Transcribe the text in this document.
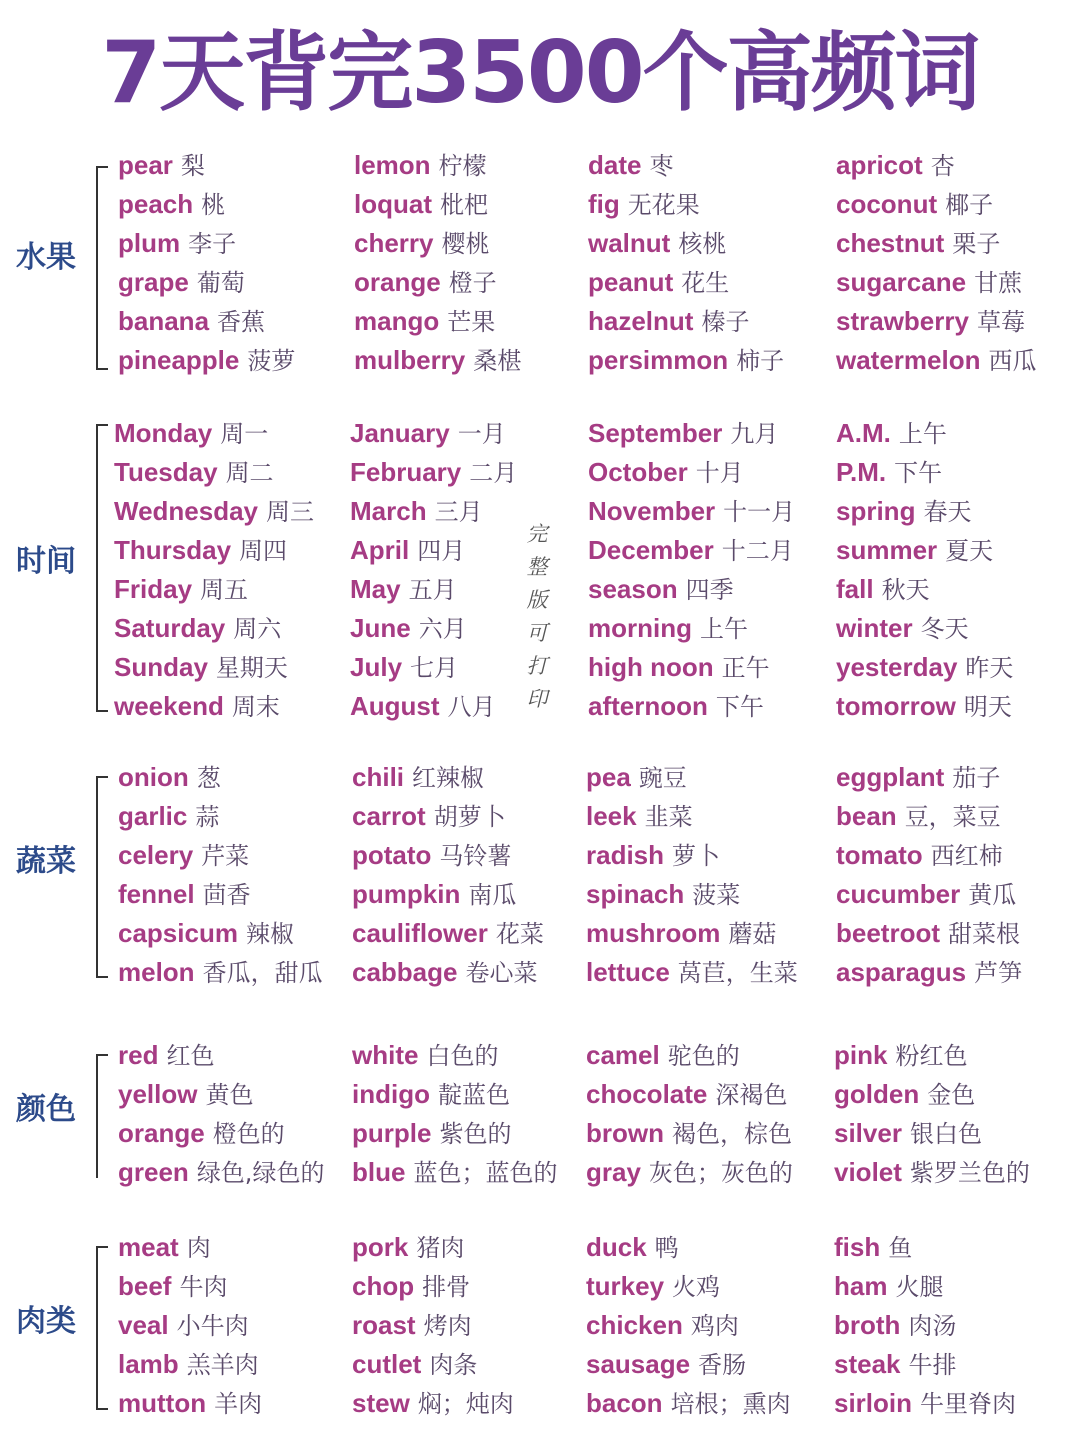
7天背完3500个高频词
水果
pear 梨
peach 桃
plum 李子
grape 葡萄
banana 香蕉
pineapple 菠萝
lemon 柠檬
loquat 枇杷
cherry 樱桃
orange 橙子
mango 芒果
mulberry 桑椹
date 枣
fig 无花果
walnut 核桃
peanut 花生
hazelnut 榛子
persimmon 柿子
apricot 杏
coconut 椰子
chestnut 栗子
sugarcane 甘蔗
strawberry 草莓
watermelon 西瓜
时间
Monday 周一
Tuesday 周二
Wednesday 周三
Thursday 周四
Friday 周五
Saturday 周六
Sunday 星期天
weekend 周末
January 一月
February 二月
March 三月
April 四月
May 五月
June 六月
July 七月
August 八月
September 九月
October 十月
November 十一月
December 十二月
season 四季
morning 上午
high noon 正午
afternoon 下午
A.M. 上午
P.M. 下午
spring 春天
summer 夏天
fall 秋天
winter 冬天
yesterday 昨天
tomorrow 明天
完
整
版
可
打
印
蔬菜
onion 葱
garlic 蒜
celery 芹菜
fennel 茴香
capsicum 辣椒
melon 香瓜，甜瓜
chili 红辣椒
carrot 胡萝卜
potato 马铃薯
pumpkin 南瓜
cauliflower 花菜
cabbage 卷心菜
pea 豌豆
leek 韭菜
radish 萝卜
spinach 菠菜
mushroom 蘑菇
lettuce 莴苣，生菜
eggplant 茄子
bean 豆，菜豆
tomato 西红柿
cucumber 黄瓜
beetroot 甜菜根
asparagus 芦笋
颜色
red 红色
yellow 黄色
orange 橙色的
green 绿色,绿色的
white 白色的
indigo 靛蓝色
purple 紫色的
blue 蓝色；蓝色的
camel 驼色的
chocolate 深褐色
brown 褐色，棕色
gray 灰色；灰色的
pink 粉红色
golden 金色
silver 银白色
violet 紫罗兰色的
肉类
meat 肉
beef 牛肉
veal 小牛肉
lamb 羔羊肉
mutton 羊肉
pork 猪肉
chop 排骨
roast 烤肉
cutlet 肉条
stew 焖；炖肉
duck 鸭
turkey 火鸡
chicken 鸡肉
sausage 香肠
bacon 培根；熏肉
fish 鱼
ham 火腿
broth 肉汤
steak 牛排
sirloin 牛里脊肉
